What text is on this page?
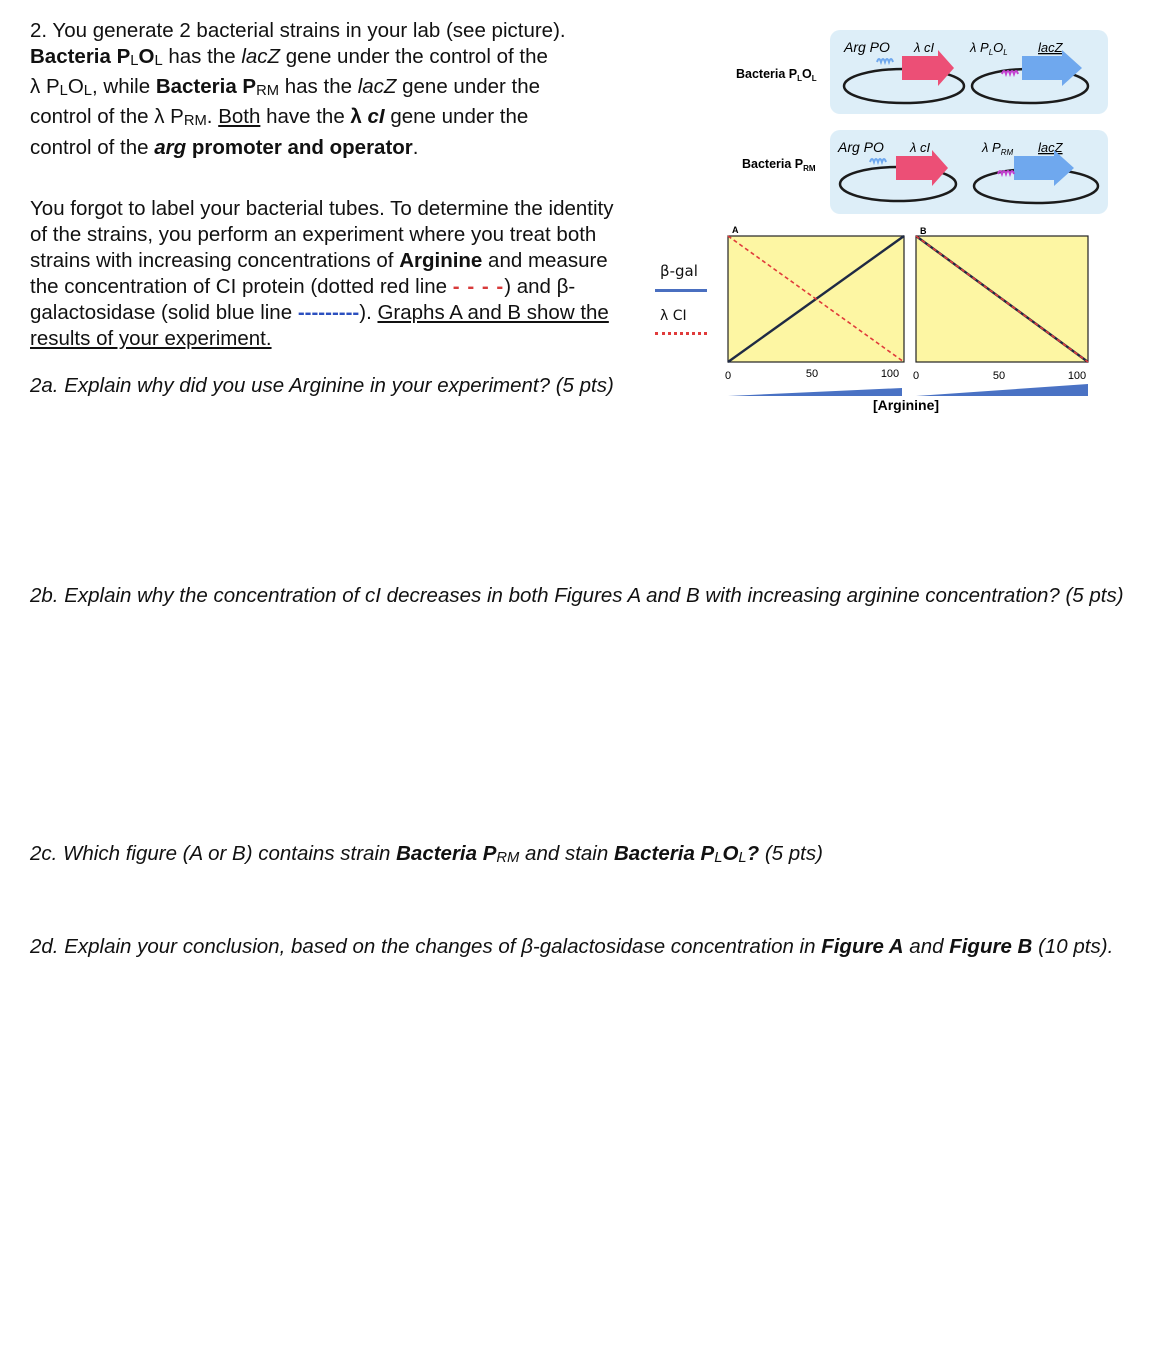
2. You generate 2 bacterial strains in your lab (see picture).
Bacteria PLOL has the lacZ gene under the control of the
λ PLOL, while Bacteria PRM has the lacZ gene under the
control of the λ PRM. Both have the λ cI gene under the
control of the arg promoter and operator.
You forgot to label your bacterial tubes. To determine the identity of the strains, you perform an experiment where you treat both strains with increasing concentrations of Arginine and measure the concentration of CI protein (dotted red line - - - -) and β-galactosidase (solid blue line ---------). Graphs A and B show the results of your experiment.
2a. Explain why did you use Arginine in your experiment? (5 pts)
2b. Explain why the concentration of cI decreases in both Figures A and B with increasing arginine concentration? (5 pts)
2c. Which figure (A or B) contains strain Bacteria PRM and stain Bacteria PLOL? (5 pts)
2d. Explain your conclusion, based on the changes of β-galactosidase concentration in Figure A and Figure B (10 pts).
β-gal
λ CI
Bacteria $P_LO_L$
Arg PO λ cI	λ $P_LO_L$ lacZ
Bacteria $P_{RM}$
Arg PO λ cI	λ $P_{RM}$ lacZ
A
0	50	100
B
0	50	100
[Arginine]
